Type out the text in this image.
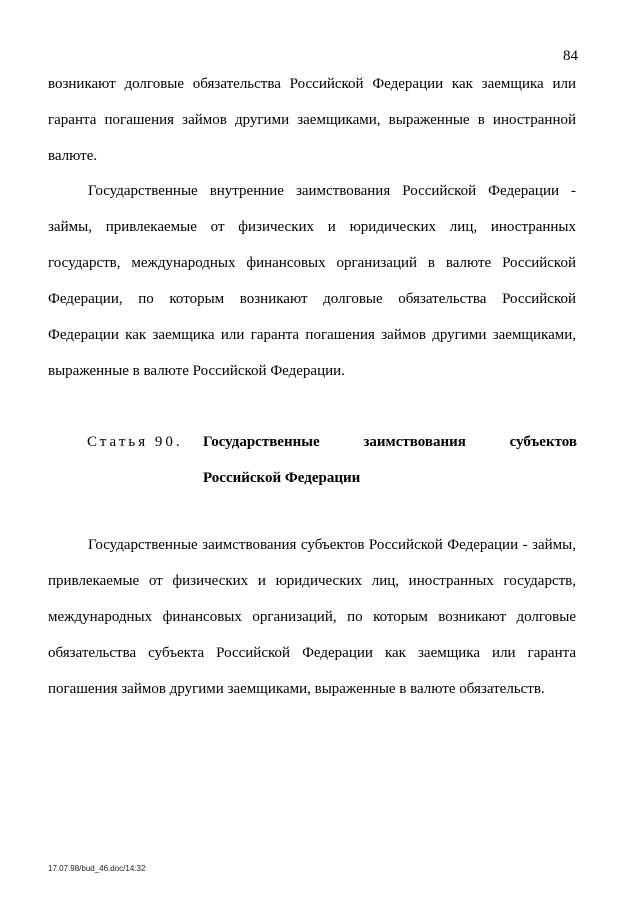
84
возникают долговые обязательства Российской Федерации как заемщика или
гаранта погашения займов другими заемщиками, выраженные в иностранной
валюте.
Государственные внутренние заимствования Российской Федерации -
займы, привлекаемые от физических и юридических лиц, иностранных
государств, международных финансовых организаций в валюте Российской
Федерации, по которым возникают долговые обязательства Российской
Федерации как заемщика или гаранта погашения займов другими заемщиками,
выраженные в валюте Российской Федерации.
Статья 90.	Государственные	заимствования	субъектов
Российской Федерации
Государственные заимствования субъектов Российской Федерации - займы,
привлекаемые от физических и юридических лиц, иностранных государств,
международных финансовых организаций, по которым возникают долговые
обязательства субъекта Российской Федерации как заемщика или гаранта
погашения займов другими заемщиками, выраженные в валюте обязательств.
17.07.98/bud_46.doc/14:32
